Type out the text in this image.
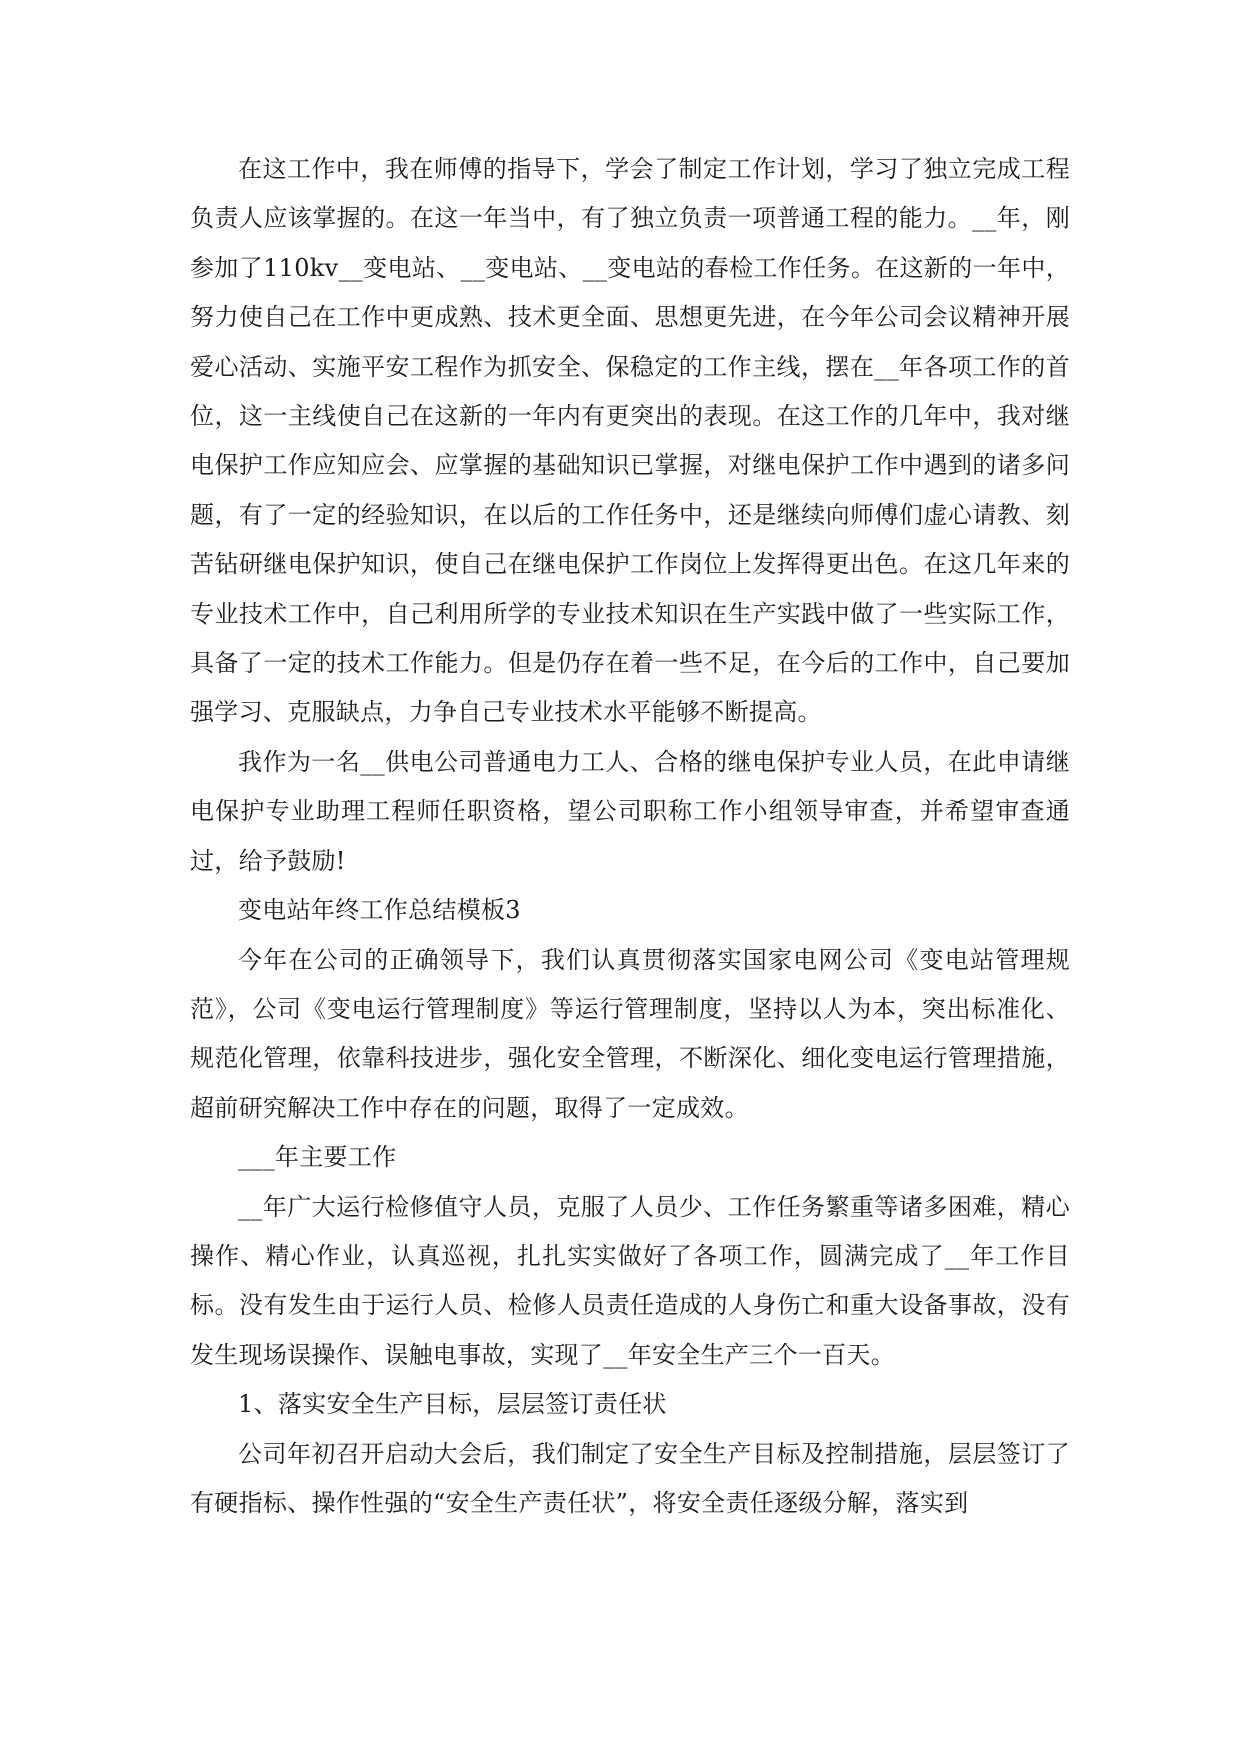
在这工作中，我在师傅的指导下，学会了制定工作计划，学习了独立完成工程负责人应该掌握的。在这一年当中，有了独立负责一项普通工程的能力。__年，刚参加了110kv__变电站、__变电站、__变电站的春检工作任务。在这新的一年中，努力使自己在工作中更成熟、技术更全面、思想更先进，在今年公司会议精神开展爱心活动、实施平安工程作为抓安全、保稳定的工作主线，摆在__年各项工作的首位，这一主线使自己在这新的一年内有更突出的表现。在这工作的几年中，我对继电保护工作应知应会、应掌握的基础知识已掌握，对继电保护工作中遇到的诸多问题，有了一定的经验知识，在以后的工作任务中，还是继续向师傅们虚心请教、刻苦钻研继电保护知识，使自己在继电保护工作岗位上发挥得更出色。在这几年来的专业技术工作中，自己利用所学的专业技术知识在生产实践中做了一些实际工作，具备了一定的技术工作能力。但是仍存在着一些不足，在今后的工作中，自己要加强学习、克服缺点，力争自己专业技术水平能够不断提高。

我作为一名__供电公司普通电力工人、合格的继电保护专业人员，在此申请继电保护专业助理工程师任职资格，望公司职称工作小组领导审查，并希望审查通过，给予鼓励!

变电站年终工作总结模板3

今年在公司的正确领导下，我们认真贯彻落实国家电网公司《变电站管理规范》，公司《变电运行管理制度》等运行管理制度，坚持以人为本，突出标准化、规范化管理，依靠科技进步，强化安全管理，不断深化、细化变电运行管理措施，超前研究解决工作中存在的问题，取得了一定成效。

___年主要工作

__年广大运行检修值守人员，克服了人员少、工作任务繁重等诸多困难，精心操作、精心作业，认真巡视，扎扎实实做好了各项工作，圆满完成了__年工作目标。没有发生由于运行人员、检修人员责任造成的人身伤亡和重大设备事故，没有发生现场误操作、误触电事故，实现了__年安全生产三个一百天。

1、落实安全生产目标，层层签订责任状

公司年初召开启动大会后，我们制定了安全生产目标及控制措施，层层签订了有硬指标、操作性强的“安全生产责任状”，将安全责任逐级分解，落实到
